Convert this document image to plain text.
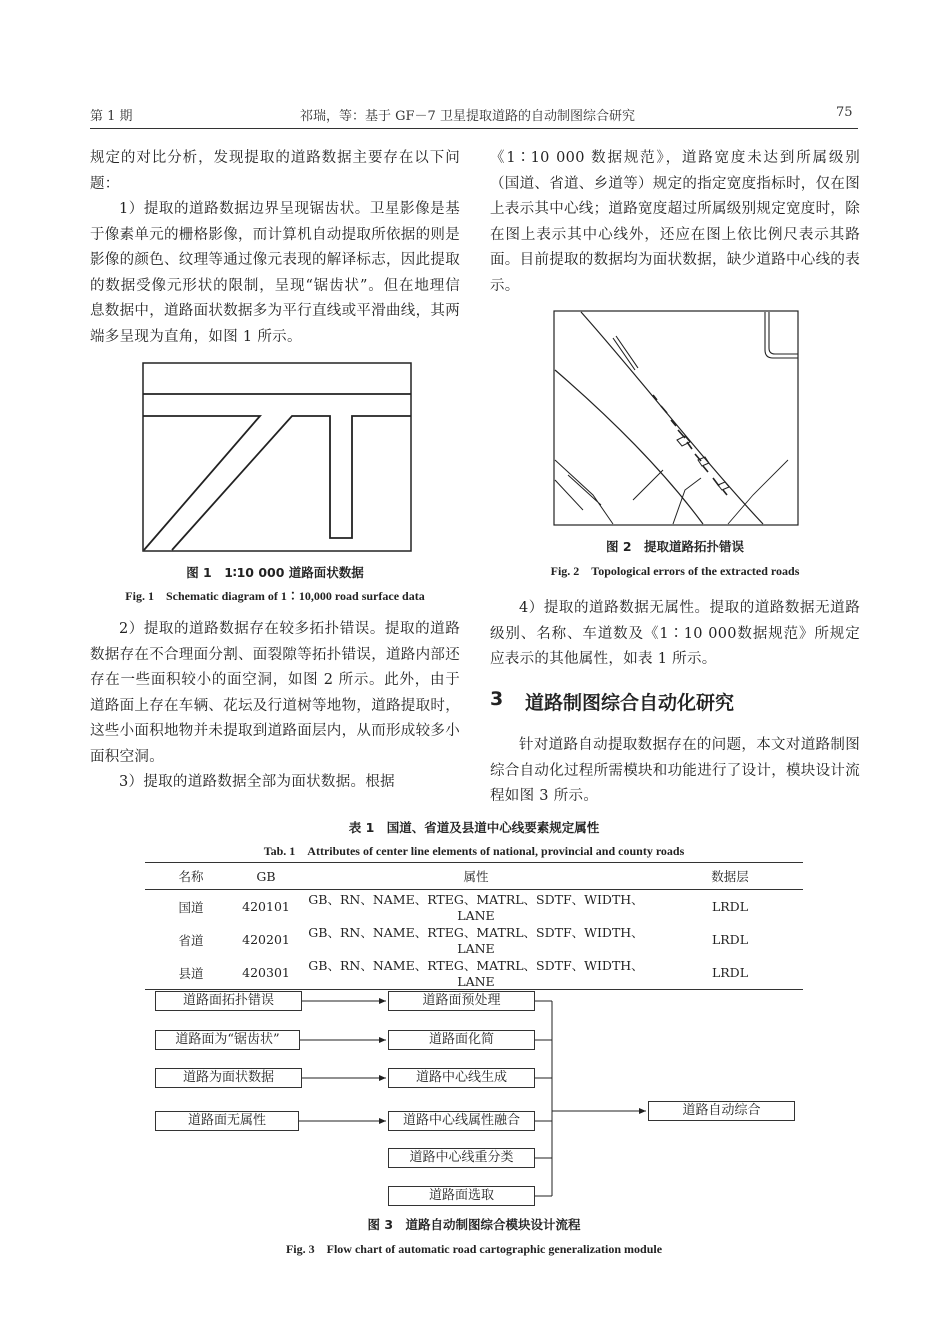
第 1 期	祁瑞，等：基于 GF－7 卫星提取道路的自动制图综合研究	75

规定的对比分析，发现提取的道路数据主要存在以下问题：

1）提取的道路数据边界呈现锯齿状。卫星影像是基于像素单元的栅格影像，而计算机自动提取所依据的则是影像的颜色、纹理等通过像元表现的解译标志，因此提取的数据受像元形状的限制，呈现“锯齿状”。但在地理信息数据中，道路面状数据多为平行直线或平滑曲线，其两端多呈现为直角，如图 1 所示。

图 1　1∶10 000 道路面状数据
Fig. 1　Schematic diagram of 1∶10,000 road surface data

2）提取的道路数据存在较多拓扑错误。提取的道路数据存在不合理面分割、面裂隙等拓扑错误，道路内部还存在一些面积较小的面空洞，如图 2 所示。此外，由于道路面上存在车辆、花坛及行道树等地物，道路提取时，这些小面积地物并未提取到道路面层内，从而形成较多小面积空洞。

3）提取的道路数据全部为面状数据。根据

《1∶10 000 数据规范》，道路宽度未达到所属级别（国道、省道、乡道等）规定的指定宽度指标时，仅在图上表示其中心线；道路宽度超过所属级别规定宽度时，除在图上表示其中心线外，还应在图上依比例尺表示其路面。目前提取的数据均为面状数据，缺少道路中心线的表示。

图 2　提取道路拓扑错误
Fig. 2　Topological errors of the extracted roads

4）提取的道路数据无属性。提取的道路数据无道路级别、名称、车道数及《1∶10 000数据规范》所规定应表示的其他属性，如表 1 所示。

3 道路制图综合自动化研究

针对道路自动提取数据存在的问题，本文对道路制图综合自动化过程所需模块和功能进行了设计，模块设计流程如图 3 所示。

表 1　国道、省道及县道中心线要素规定属性
Tab. 1　Attributes of center line elements of national, provincial and county roads
名称	GB	属性	数据层
国道	420101	GB、RN、NAME、RTEG、MATRL、SDTF、WIDTH、LANE	LRDL
省道	420201	GB、RN、NAME、RTEG、MATRL、SDTF、WIDTH、LANE	LRDL
县道	420301	GB、RN、NAME、RTEG、MATRL、SDTF、WIDTH、LANE	LRDL
道路面拓扑错误
道路面为“锯齿状”
道路为面状数据
道路面无属性
道路面预处理
道路面化简
道路中心线生成
道路中心线属性融合
道路中心线重分类
道路面选取
道路自动综合
图 3　道路自动制图综合模块设计流程
Fig. 3　Flow chart of automatic road cartographic generalization module
